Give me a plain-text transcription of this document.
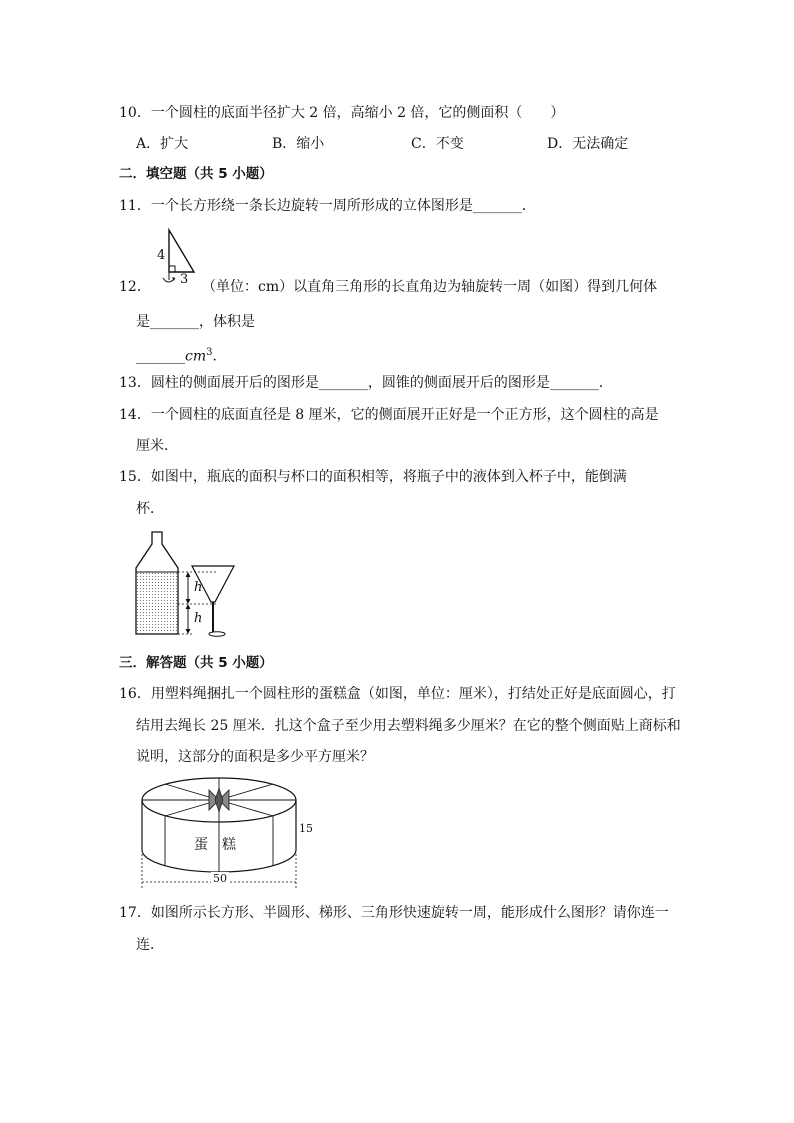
10．一个圆柱的底面半径扩大 2 倍，高缩小 2 倍，它的侧面积（　　）
A．扩大	B．缩小	C．不变	D．无法确定
二．填空题（共 5 小题）
11．一个长方形绕一条长边旋转一周所形成的立体图形是_______．
4
3
12．	（单位：cm）以直角三角形的长直角边为轴旋转一周（如图）得到几何体
是_______，体积是
$\_\_\_\_\_\_\_cm^3$．
13．圆柱的侧面展开后的图形是_______，圆锥的侧面展开后的图形是_______．
14．一个圆柱的底面直径是 8 厘米，它的侧面展开正好是一个正方形，这个圆柱的高是
厘米．
15．如图中，瓶底的面积与杯口的面积相等，将瓶子中的液体到入杯子中，能倒满
杯．
h
h
三．解答题（共 5 小题）
16．用塑料绳捆扎一个圆柱形的蛋糕盒（如图，单位：厘米），打结处正好是底面圆心，打
结用去绳长 25 厘米．扎这个盒子至少用去塑料绳多少厘米？在它的整个侧面贴上商标和
说明，这部分的面积是多少平方厘米？
蛋 糕
15
50
17．如图所示长方形、半圆形、梯形、三角形快速旋转一周，能形成什么图形？请你连一
连．
